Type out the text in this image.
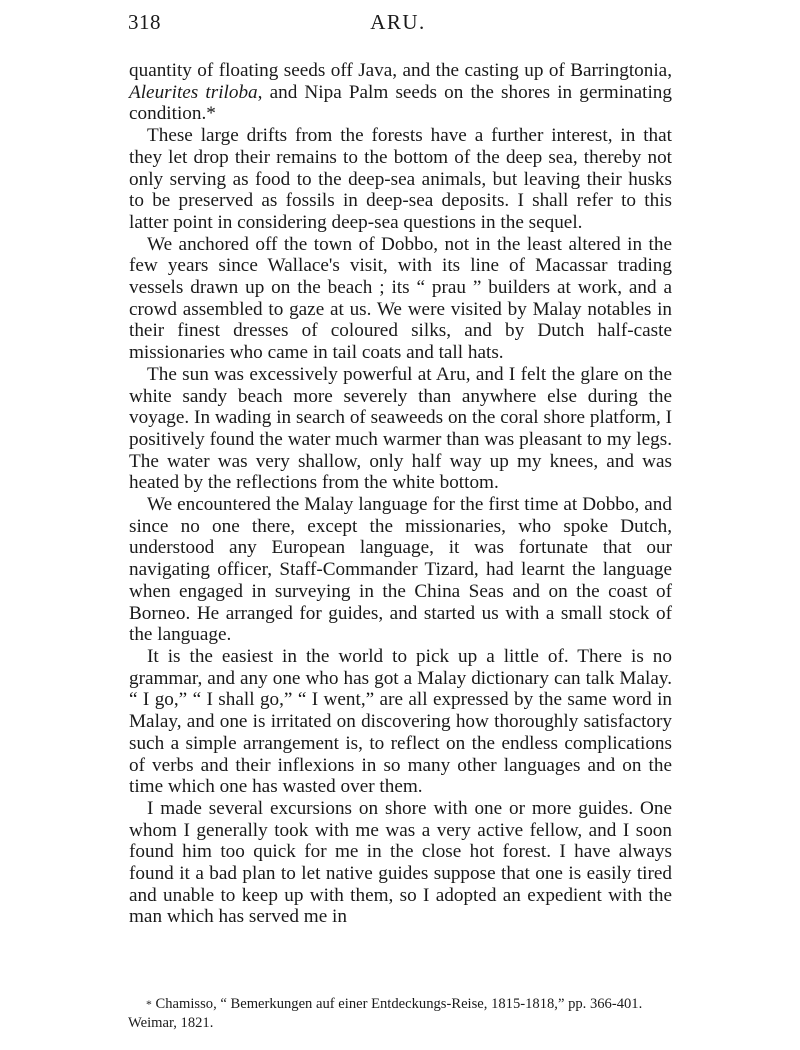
318	ARU.

quantity of floating seeds off Java, and the casting up of Barringtonia, Aleurites triloba, and Nipa Palm seeds on the shores in germinating condition.*

These large drifts from the forests have a further interest, in that they let drop their remains to the bottom of the deep sea, thereby not only serving as food to the deep-sea animals, but leaving their husks to be preserved as fossils in deep-sea deposits. I shall refer to this latter point in considering deep-sea questions in the sequel.

We anchored off the town of Dobbo, not in the least altered in the few years since Wallace's visit, with its line of Macassar trading vessels drawn up on the beach ; its “ prau ” builders at work, and a crowd assembled to gaze at us. We were visited by Malay notables in their finest dresses of coloured silks, and by Dutch half-caste missionaries who came in tail coats and tall hats.

The sun was excessively powerful at Aru, and I felt the glare on the white sandy beach more severely than anywhere else during the voyage. In wading in search of seaweeds on the coral shore platform, I positively found the water much warmer than was pleasant to my legs. The water was very shallow, only half way up my knees, and was heated by the reflections from the white bottom.

We encountered the Malay language for the first time at Dobbo, and since no one there, except the missionaries, who spoke Dutch, understood any European language, it was fortunate that our navigating officer, Staff-Commander Tizard, had learnt the language when engaged in surveying in the China Seas and on the coast of Borneo. He arranged for guides, and started us with a small stock of the language.

It is the easiest in the world to pick up a little of. There is no grammar, and any one who has got a Malay dictionary can talk Malay. “ I go,” “ I shall go,” “ I went,” are all expressed by the same word in Malay, and one is irritated on discovering how thoroughly satisfactory such a simple arrangement is, to reflect on the endless complications of verbs and their inflexions in so many other languages and on the time which one has wasted over them.

I made several excursions on shore with one or more guides. One whom I generally took with me was a very active fellow, and I soon found him too quick for me in the close hot forest. I have always found it a bad plan to let native guides suppose that one is easily tired and unable to keep up with them, so I adopted an expedient with the man which has served me in

* Chamisso, “ Bemerkungen auf einer Entdeckungs-Reise, 1815-1818,” pp. 366-401. Weimar, 1821.
